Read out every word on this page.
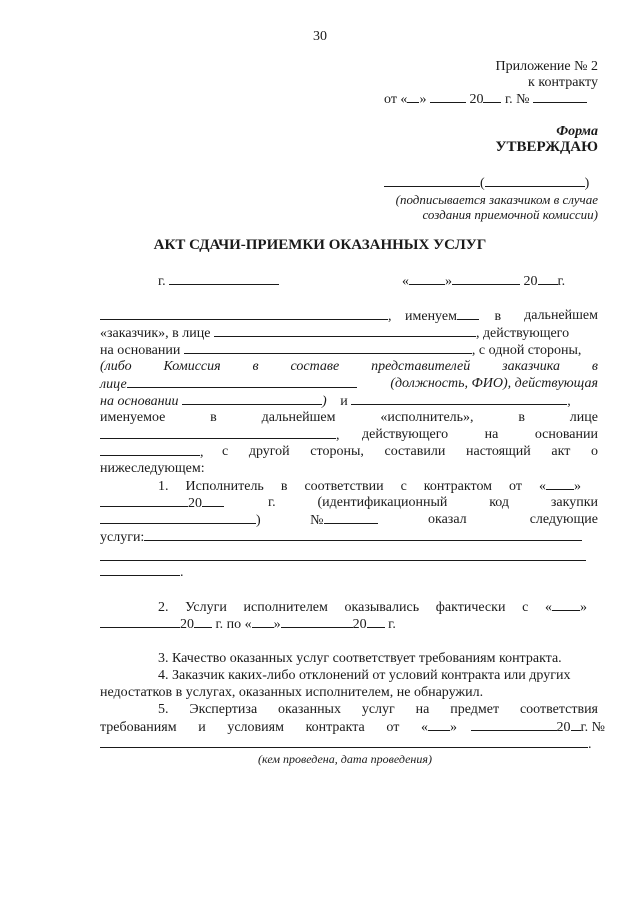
30
Приложение № 2
к контракту
от « »	20 г. №
Форма
УТВЕРЖДАЮ
(	)
(подписывается заказчиком в случае
создания приемочной комиссии)
АКТ СДАЧИ-ПРИЕМКИ ОКАЗАННЫХ УСЛУГ
г.	«	»	20 г.
, именуем	в дальнейшем
«заказчик», в лице	, действующего
на основании	, с одной стороны,
(либо Комиссия в составе представителей заказчика в
лице	(должность, ФИО), действующая
на основании	) и	,
именуемое в дальнейшем «исполнитель», в лице
, действующего на основании
, с другой стороны, составили настоящий акт о
нижеследующем:
1. Исполнитель в соответствии с контрактом от « »
20	г. (идентификационный код закупки
)	№	оказал следующие
услуги:
.
2. Услуги исполнителем оказывались фактически с « »
20 г. по « »	20 г.
3. Качество оказанных услуг соответствует требованиям контракта.
4. Заказчик каких-либо отклонений от условий контракта или других
недостатков в услугах, оказанных исполнителем, не обнаружил.
5. Экспертиза оказанных услуг на предмет соответствия
требованиям и условиям контракта от « »	20 г. №
.
(кем проведена, дата проведения)
